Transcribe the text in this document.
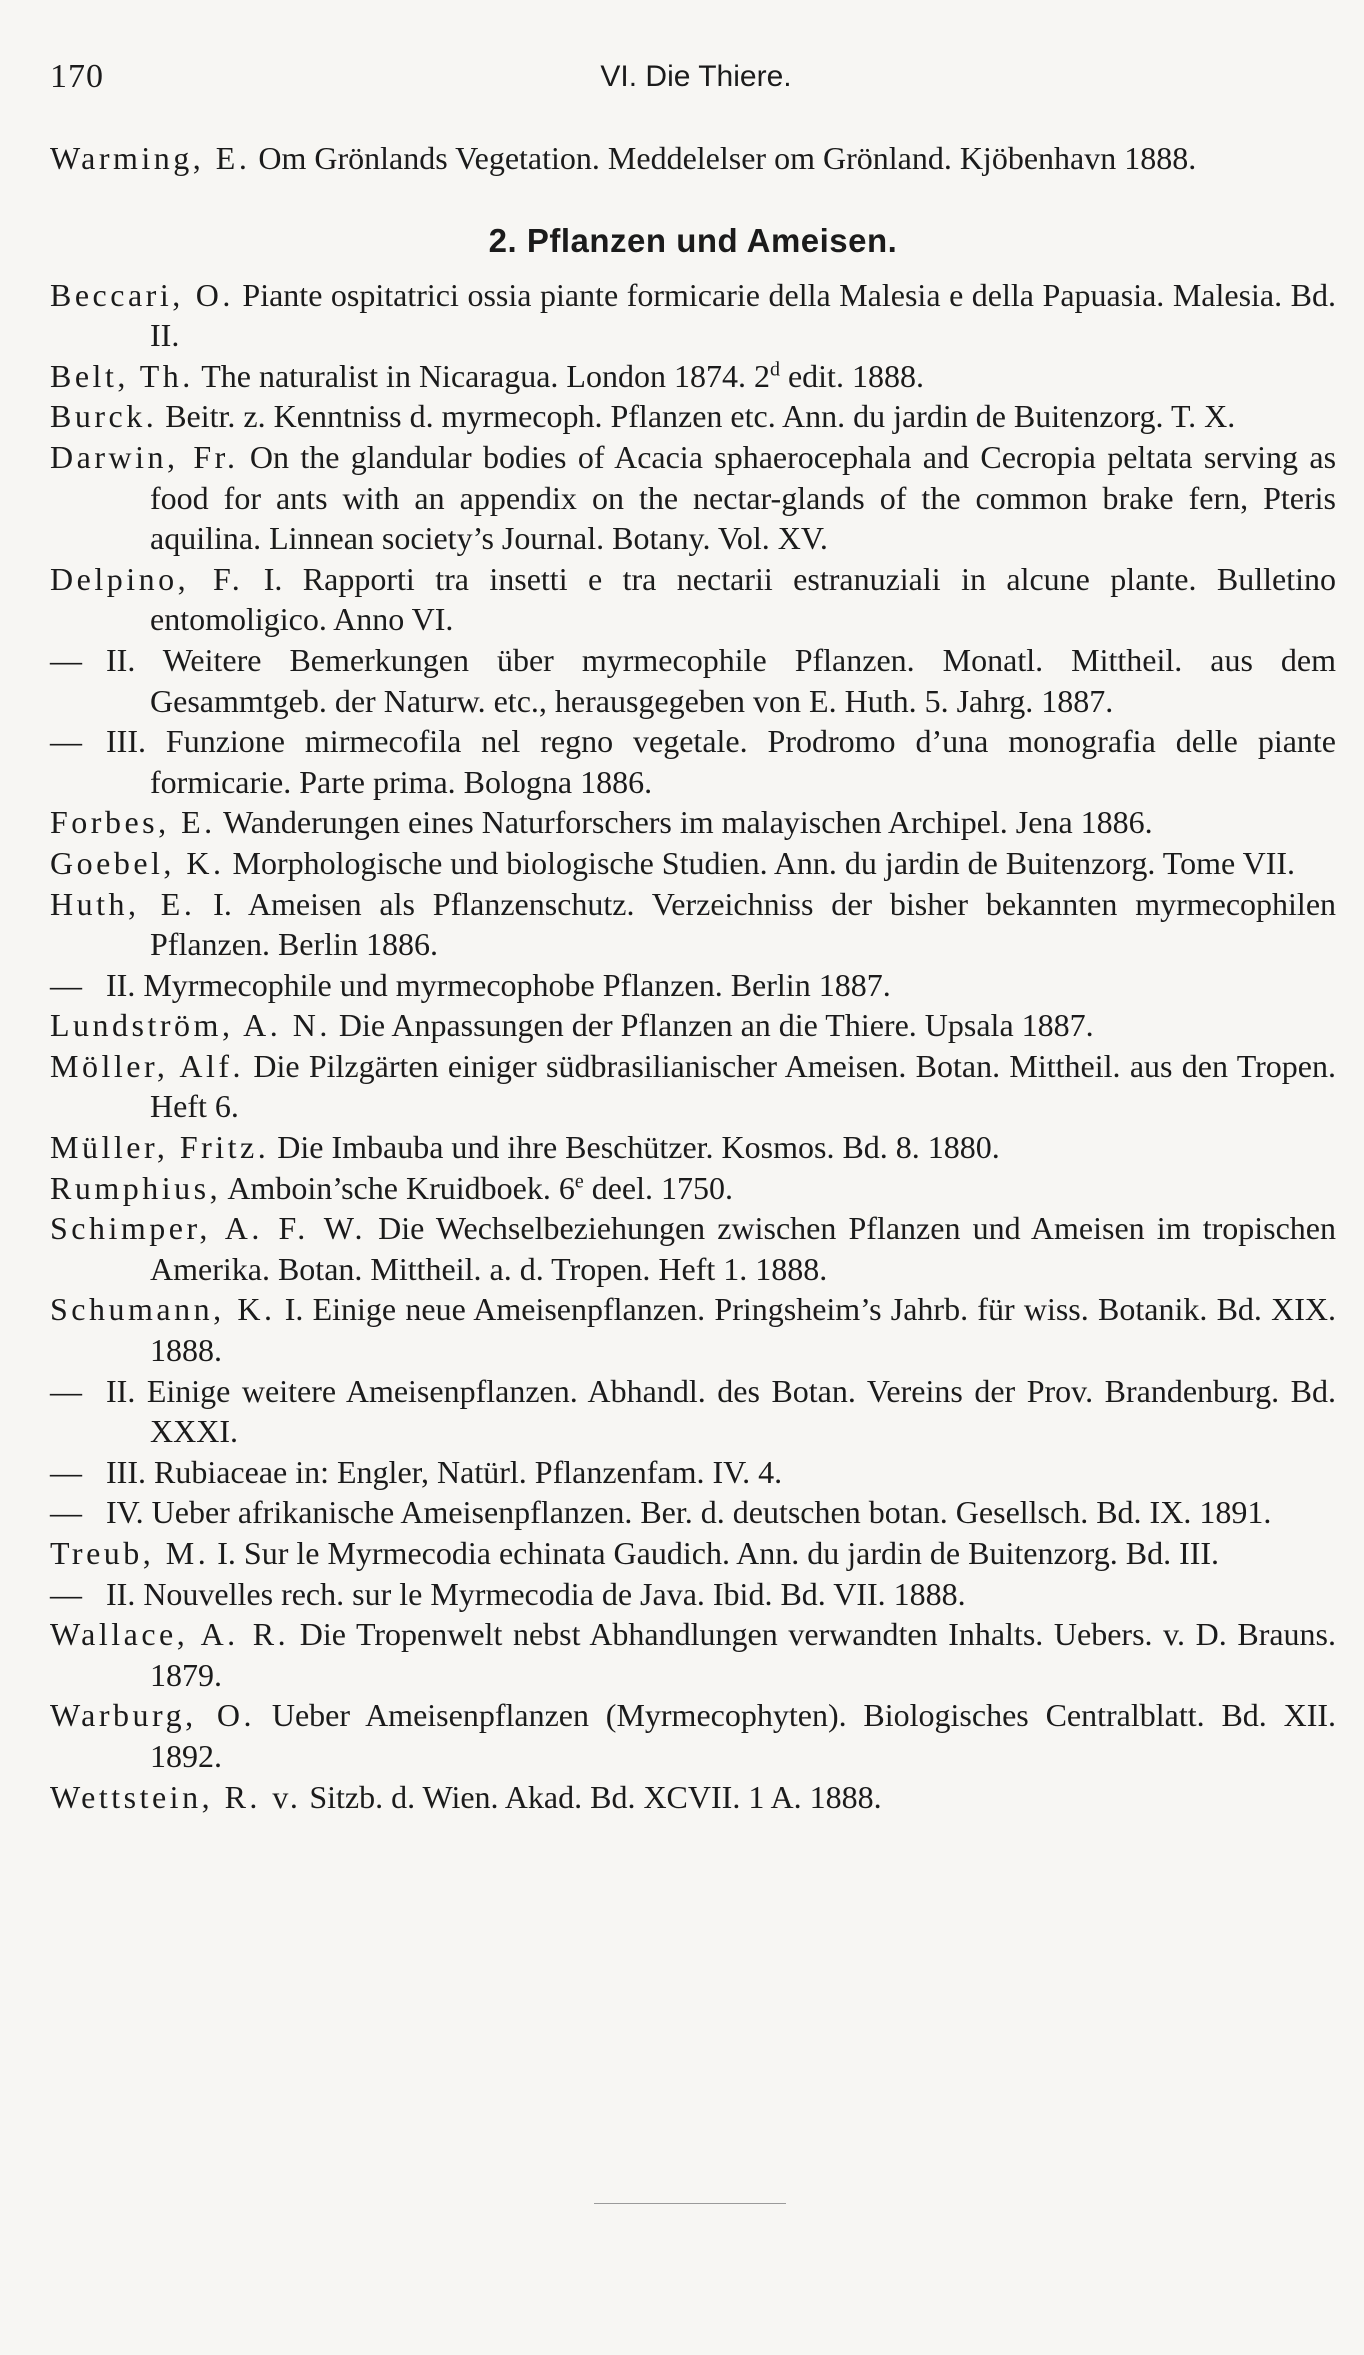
170	VI. Die Thiere.

Warming, E. Om Grönlands Vegetation. Meddelelser om Grönland. Kjöbenhavn 1888.

2. Pflanzen und Ameisen.

Beccari, O. Piante ospitatrici ossia piante formicarie della Malesia e della Papuasia. Malesia. Bd. II.

Belt, Th. The naturalist in Nicaragua. London 1874. 2$^d$ edit. 1888.

Burck. Beitr. z. Kenntniss d. myrmecoph. Pflanzen etc. Ann. du jardin de Buitenzorg. T. X.

Darwin, Fr. On the glandular bodies of Acacia sphaerocephala and Cecropia peltata serving as food for ants with an appendix on the nectar-glands of the common brake fern, Pteris aquilina. Linnean society’s Journal. Botany. Vol. XV.

Delpino, F. I. Rapporti tra insetti e tra nectarii estranuziali in alcune plante. Bulletino entomoligico. Anno VI.

— II. Weitere Bemerkungen über myrmecophile Pflanzen. Monatl. Mittheil. aus dem Gesammtgeb. der Naturw. etc., herausgegeben von E. Huth. 5. Jahrg. 1887.

— III. Funzione mirmecofila nel regno vegetale. Prodromo d’una monografia delle piante formicarie. Parte prima. Bologna 1886.

Forbes, E. Wanderungen eines Naturforschers im malayischen Archipel. Jena 1886.

Goebel, K. Morphologische und biologische Studien. Ann. du jardin de Buitenzorg. Tome VII.

Huth, E. I. Ameisen als Pflanzenschutz. Verzeichniss der bisher bekannten myrmecophilen Pflanzen. Berlin 1886.

— II. Myrmecophile und myrmecophobe Pflanzen. Berlin 1887.

Lundström, A. N. Die Anpassungen der Pflanzen an die Thiere. Upsala 1887.

Möller, Alf. Die Pilzgärten einiger südbrasilianischer Ameisen. Botan. Mittheil. aus den Tropen. Heft 6.

Müller, Fritz. Die Imbauba und ihre Beschützer. Kosmos. Bd. 8. 1880.

Rumphius, Amboin’sche Kruidboek. 6e deel. 1750.

Schimper, A. F. W. Die Wechselbeziehungen zwischen Pflanzen und Ameisen im tropischen Amerika. Botan. Mittheil. a. d. Tropen. Heft 1. 1888.

Schumann, K. I. Einige neue Ameisenpflanzen. Pringsheim’s Jahrb. für wiss. Botanik. Bd. XIX. 1888.

— II. Einige weitere Ameisenpflanzen. Abhandl. des Botan. Vereins der Prov. Brandenburg. Bd. XXXI.

— III. Rubiaceae in: Engler, Natürl. Pflanzenfam. IV. 4.

— IV. Ueber afrikanische Ameisenpflanzen. Ber. d. deutschen botan. Gesellsch. Bd. IX. 1891.

Treub, M. I. Sur le Myrmecodia echinata Gaudich. Ann. du jardin de Buitenzorg. Bd. III.

— II. Nouvelles rech. sur le Myrmecodia de Java. Ibid. Bd. VII. 1888.

Wallace, A. R. Die Tropenwelt nebst Abhandlungen verwandten Inhalts. Uebers. v. D. Brauns. 1879.

Warburg, O. Ueber Ameisenpflanzen (Myrmecophyten). Biologisches Centralblatt. Bd. XII. 1892.

Wettstein, R. v. Sitzb. d. Wien. Akad. Bd. XCVII. 1 A. 1888.
